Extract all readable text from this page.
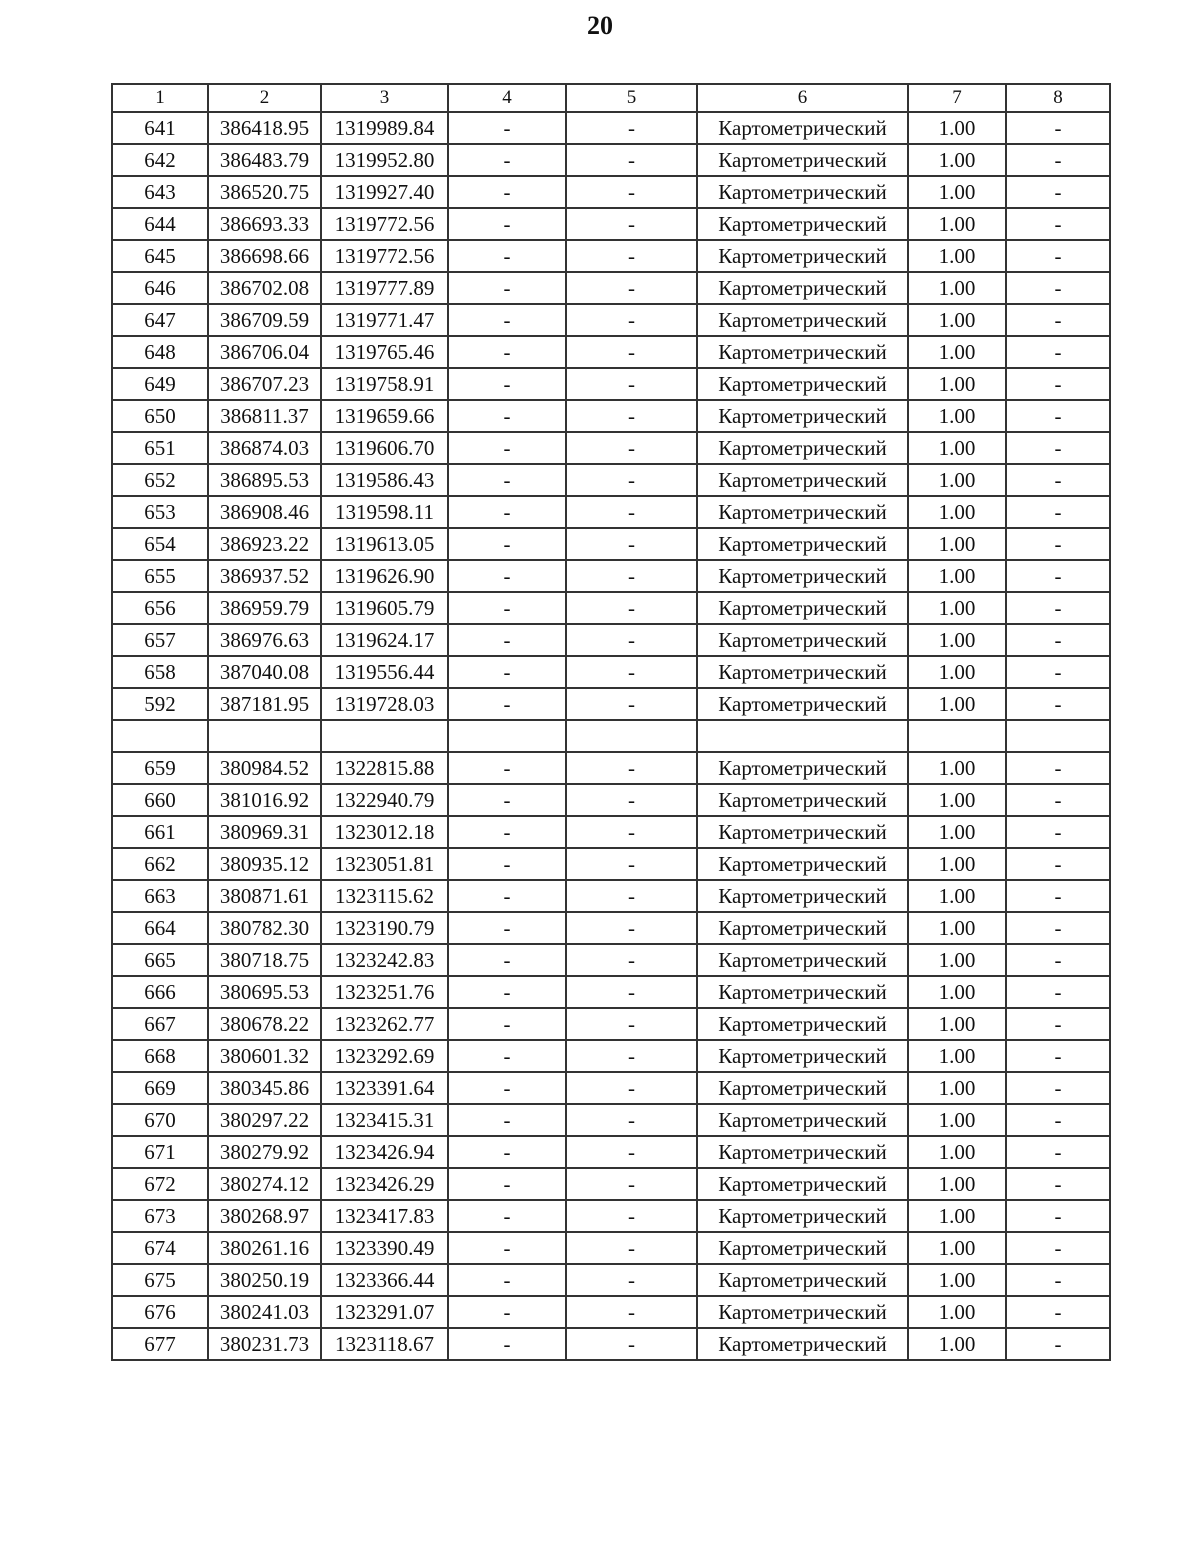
20
1	2	3	4	5	6	7	8
641	386418.95	1319989.84	-	-	Картометрический	1.00	-
642	386483.79	1319952.80	-	-	Картометрический	1.00	-
643	386520.75	1319927.40	-	-	Картометрический	1.00	-
644	386693.33	1319772.56	-	-	Картометрический	1.00	-
645	386698.66	1319772.56	-	-	Картометрический	1.00	-
646	386702.08	1319777.89	-	-	Картометрический	1.00	-
647	386709.59	1319771.47	-	-	Картометрический	1.00	-
648	386706.04	1319765.46	-	-	Картометрический	1.00	-
649	386707.23	1319758.91	-	-	Картометрический	1.00	-
650	386811.37	1319659.66	-	-	Картометрический	1.00	-
651	386874.03	1319606.70	-	-	Картометрический	1.00	-
652	386895.53	1319586.43	-	-	Картометрический	1.00	-
653	386908.46	1319598.11	-	-	Картометрический	1.00	-
654	386923.22	1319613.05	-	-	Картометрический	1.00	-
655	386937.52	1319626.90	-	-	Картометрический	1.00	-
656	386959.79	1319605.79	-	-	Картометрический	1.00	-
657	386976.63	1319624.17	-	-	Картометрический	1.00	-
658	387040.08	1319556.44	-	-	Картометрический	1.00	-
592	387181.95	1319728.03	-	-	Картометрический	1.00	-

659	380984.52	1322815.88	-	-	Картометрический	1.00	-
660	381016.92	1322940.79	-	-	Картометрический	1.00	-
661	380969.31	1323012.18	-	-	Картометрический	1.00	-
662	380935.12	1323051.81	-	-	Картометрический	1.00	-
663	380871.61	1323115.62	-	-	Картометрический	1.00	-
664	380782.30	1323190.79	-	-	Картометрический	1.00	-
665	380718.75	1323242.83	-	-	Картометрический	1.00	-
666	380695.53	1323251.76	-	-	Картометрический	1.00	-
667	380678.22	1323262.77	-	-	Картометрический	1.00	-
668	380601.32	1323292.69	-	-	Картометрический	1.00	-
669	380345.86	1323391.64	-	-	Картометрический	1.00	-
670	380297.22	1323415.31	-	-	Картометрический	1.00	-
671	380279.92	1323426.94	-	-	Картометрический	1.00	-
672	380274.12	1323426.29	-	-	Картометрический	1.00	-
673	380268.97	1323417.83	-	-	Картометрический	1.00	-
674	380261.16	1323390.49	-	-	Картометрический	1.00	-
675	380250.19	1323366.44	-	-	Картометрический	1.00	-
676	380241.03	1323291.07	-	-	Картометрический	1.00	-
677	380231.73	1323118.67	-	-	Картометрический	1.00	-
